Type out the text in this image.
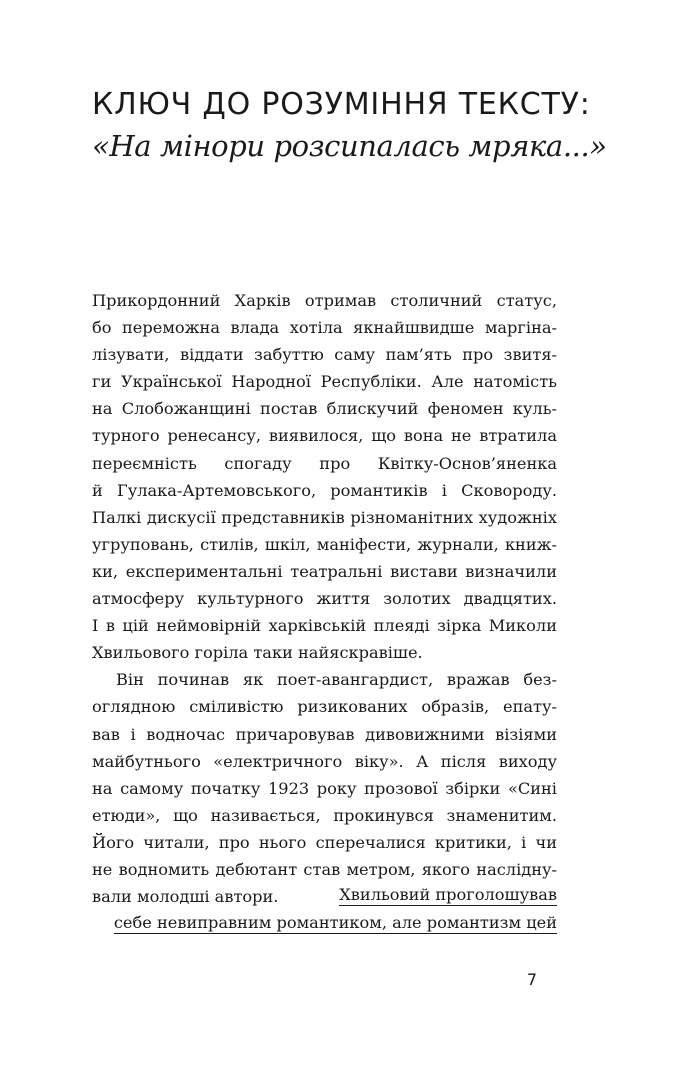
КЛЮЧ ДО РОЗУМІННЯ ТЕКСТУ:
«На мінори розсипалась мряка...»
Прикордонний Харків отримав столичний статус,
бо переможна влада хотіла якнайшвидше маргіна-
лізувати, віддати забуттю саму пам’ять про звитя-
ги Української Народної Республіки. Але натомість
на Слобожанщині постав блискучий феномен куль-
турного ренесансу, виявилося, що вона не втратила
переємність спогаду про Квітку-Основ’яненка
й Гулака-Артемовського, романтиків і Сковороду.
Палкі дискусії представників різноманітних художніх
угруповань, стилів, шкіл, маніфести, журнали, книж-
ки, експериментальні театральні вистави визначили
атмосферу культурного життя золотих двадцятих.
І в цій неймовірній харківській плеяді зірка Миколи
Хвильового горіла таки найяскравіше.
Він починав як поет-авангардист, вражав без-
оглядною сміливістю ризикованих образів, епату-
вав і водночас причаровував дивовижними візіями
майбутнього «електричного віку». А після виходу
на самому початку 1923 року прозової збірки «Сині
етюди», що називається, прокинувся знаменитим.
Його читали, про нього сперечалися критики, і чи
не водномить дебютант став метром, якого наслідну-
вали молодші автори.	Хвильовий проголошував
себе невиправним романтиком, але романтизм цей
7
